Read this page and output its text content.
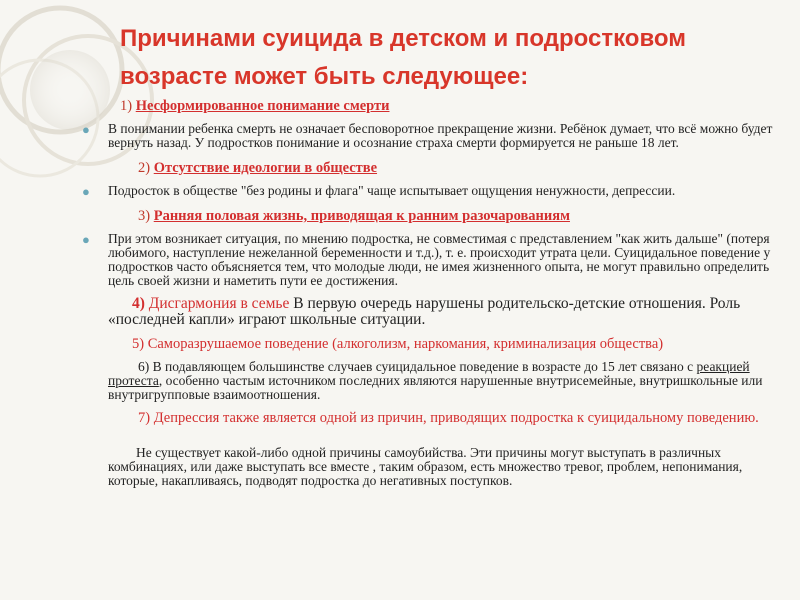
Причинами суицида в детском и подростковом возрасте может быть следующее:

1) Несформированное понимание смерти

● В понимании ребенка смерть не означает бесповоротное прекращение жизни. Ребёнок думает, что всё можно будет вернуть назад. У подростков понимание и осознание страха смерти формируется не раньше 18 лет.

2) Отсутствие идеологии в обществе

● Подросток в обществе "без родины и флага" чаще испытывает ощущения ненужности, депрессии.

3) Ранняя половая жизнь, приводящая к ранним разочарованиям

● При этом возникает ситуация, по мнению подростка, не совместимая с представлением "как жить дальше" (потеря любимого, наступление нежеланной беременности и т.д.), т. е. происходит утрата цели. Суицидальное поведение у подростков часто объясняется тем, что молодые люди, не имея жизненного опыта, не могут правильно определить цель своей жизни и наметить пути ее достижения.

4) Дисгармония в семье В первую очередь нарушены родительско-детские отношения. Роль «последней капли» играют школьные ситуации.

5) Саморазрушаемое поведение (алкоголизм, наркомания, криминализация общества)

6) В подавляющем большинстве случаев суицидальное поведение в возрасте до 15 лет связано с реакцией протеста, особенно частым источником последних являются нарушенные внутрисемейные, внутришкольные или внутригрупповые взаимоотношения.

7) Депрессия также является одной из причин, приводящих подростка к суицидальному поведению.

Не существует какой-либо одной причины самоубийства. Эти причины могут выступать в различных комбинациях, или даже выступать все вместе , таким образом, есть множество тревог, проблем, непонимания, которые, накапливаясь, подводят подростка до негативных поступков.
